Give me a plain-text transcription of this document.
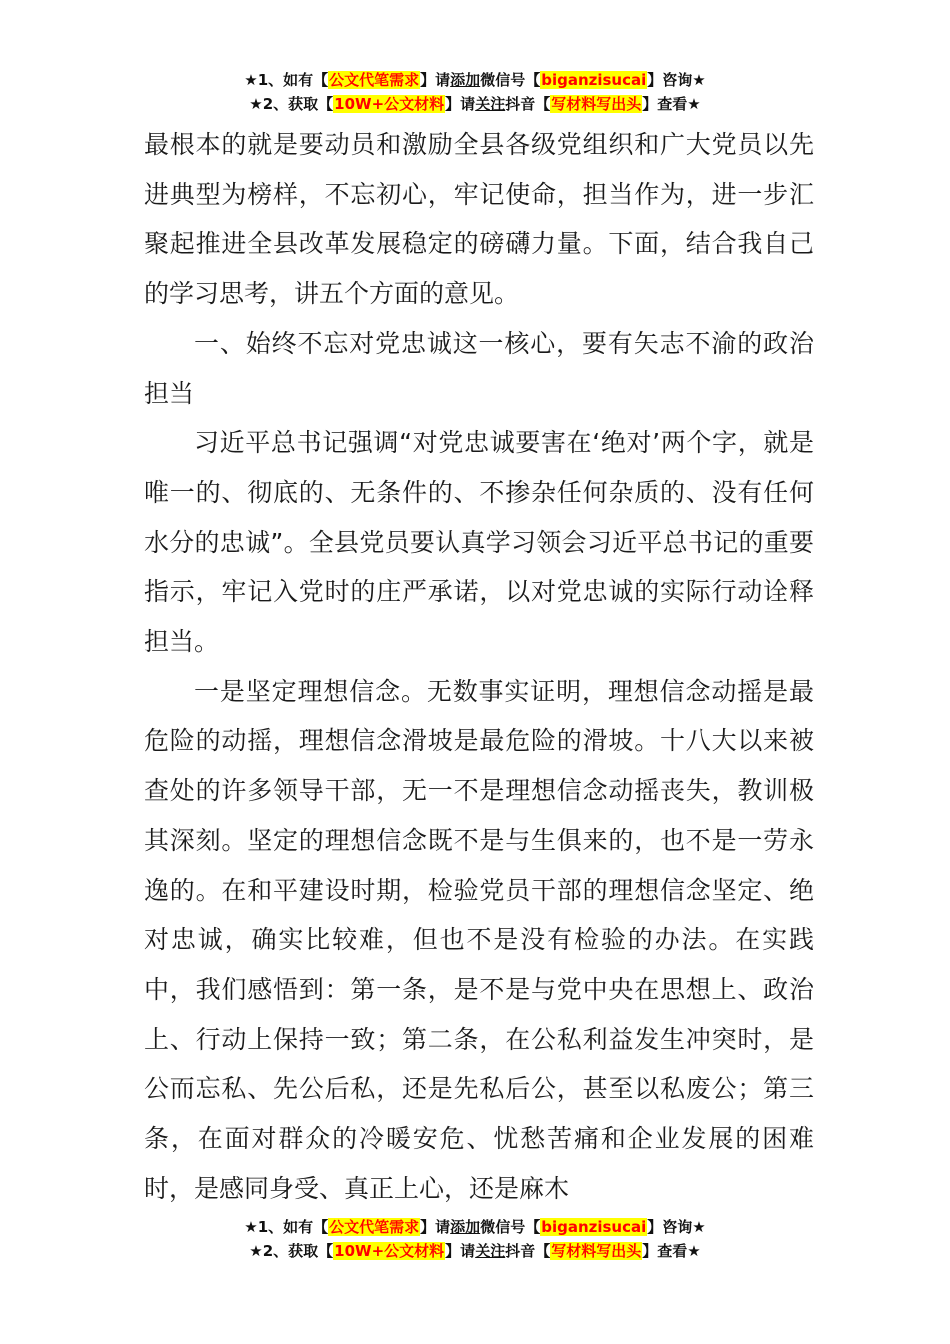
★1、如有【公文代笔需求】请添加微信号【biganzisucai】咨询★
★2、获取【10W+公文材料】请关注抖音【写材料写出头】查看★

最根本的就是要动员和激励全县各级党组织和广大党员以先进典型为榜样，不忘初心，牢记使命，担当作为，进一步汇聚起推进全县改革发展稳定的磅礴力量。下面，结合我自己的学习思考，讲五个方面的意见。

一、始终不忘对党忠诚这一核心，要有矢志不渝的政治担当

习近平总书记强调“对党忠诚要害在‘绝对’两个字，就是唯一的、彻底的、无条件的、不掺杂任何杂质的、没有任何水分的忠诚”。全县党员要认真学习领会习近平总书记的重要指示，牢记入党时的庄严承诺，以对党忠诚的实际行动诠释担当。

一是坚定理想信念。无数事实证明，理想信念动摇是最危险的动摇，理想信念滑坡是最危险的滑坡。十八大以来被查处的许多领导干部，无一不是理想信念动摇丧失，教训极其深刻。坚定的理想信念既不是与生俱来的，也不是一劳永逸的。在和平建设时期，检验党员干部的理想信念坚定、绝对忠诚，确实比较难，但也不是没有检验的办法。在实践中，我们感悟到：第一条，是不是与党中央在思想上、政治上、行动上保持一致；第二条，在公私利益发生冲突时，是公而忘私、先公后私，还是先私后公，甚至以私废公；第三条，在面对群众的冷暖安危、忧愁苦痛和企业发展的困难时，是感同身受、真正上心，还是麻木

★1、如有【公文代笔需求】请添加微信号【biganzisucai】咨询★
★2、获取【10W+公文材料】请关注抖音【写材料写出头】查看★
